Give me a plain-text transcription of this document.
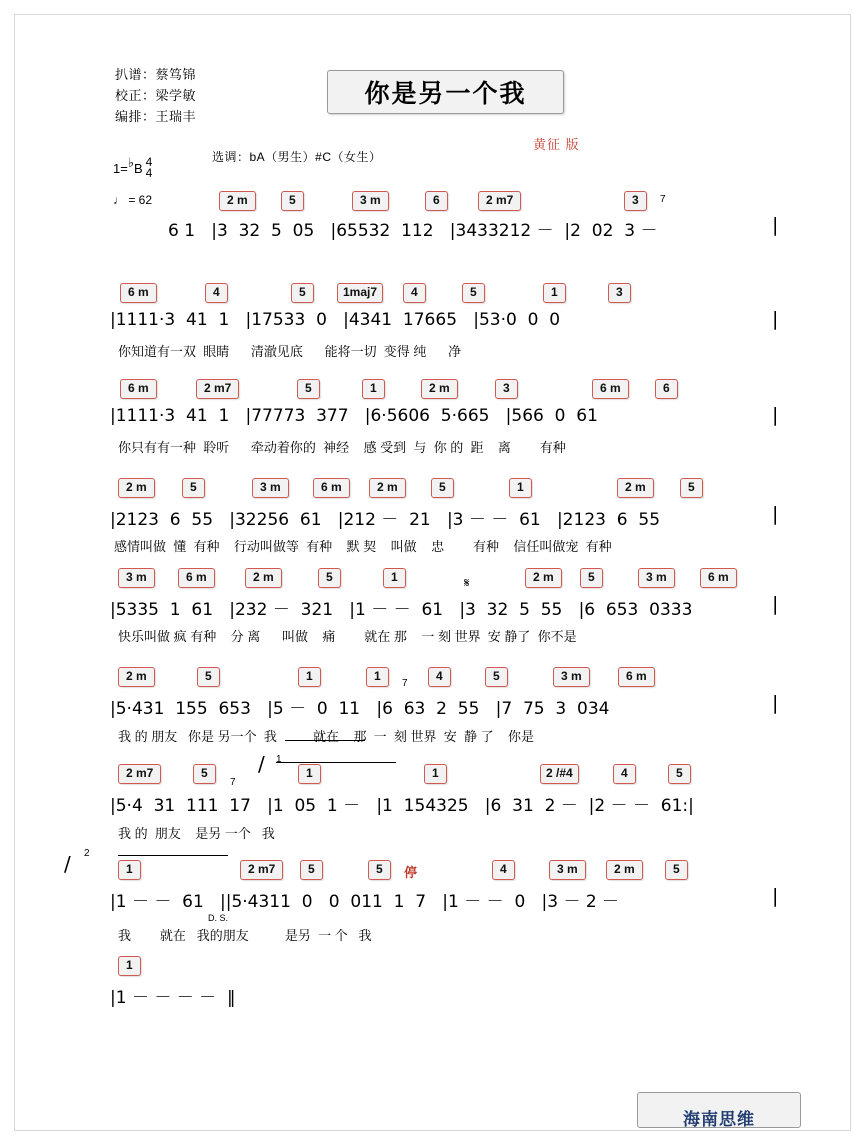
扒谱：蔡笃锦
校正：梁学敏
编排：王瑞丰
你是另一个我
黄征 版
选调：bA（男生）#C（女生）
1= ♭ B 4
4
♩ = 62	2 m	5	3 m	6	2 m7	3	7
6 1   |3  32  5  05   |65532  112   |3433212 －  |2  02  3 －	|
6 m	4	5	1maj7	4	5	1	3
|1111·3  41  1   |17533  0   |4341  17665   |53·0  0  0
你知道有一双  眼睛      清澈见底      能将一切  变得 纯      净
|
6 m	2 m7	5	1	2 m	3	6 m	6
|1111·3  41  1   |77773  377   |6·5606  5·665   |566  0  61
你只有有一种  聆听      牵动着你的  神经    感 受到  与  你 的  距    离        有种
|
2 m	5	3 m	6 m	2 m	5	1	2 m	5
|2123  6  55   |32256  61   |212 －  21   |3 － －  61   |2123  6  55
感情叫做  懂  有种    行动叫做等  有种    默 契    叫做    忠        有种    信任叫做宠  有种
|
3 m	6 m	2 m	5	1	2 m	5	3 m	6 m
𝄋
|5335  1  61   |232 －  321   |1 － －  61   |3  32  5  55   |6  653  0333
快乐叫做 疯 有种    分 离      叫做    痛        就在 那    一 刻 世界  安 静了  你不是
|
2 m	5	1	1
7
4	5	3 m	6 m
|5·431  155  653   |5 －  0  11   |6  63  2  55   |7  75  3  034
我 的 朋友   你是 另一个  我          就在    那  一  刻 世界  安  静 了    你是
|
/ 1
2 m7	5
7
1	1	2 /#4	4	5
|5·4  31  111  17   |1  05  1 －   |1  154325   |6  31  2 －  |2 － －  61:|
我 的  朋友    是另 一个   我
/ 2
1	2 m7	5	5	停	4	3 m	2 m	5
|1 － －  61   ||5·4311  0   0  011  1  7   |1 － －  0   |3 － 2 －
D. S.
我        就在   我的朋友          是另  一 个   我
|
1
|1 － － － －  ‖
海南思维
